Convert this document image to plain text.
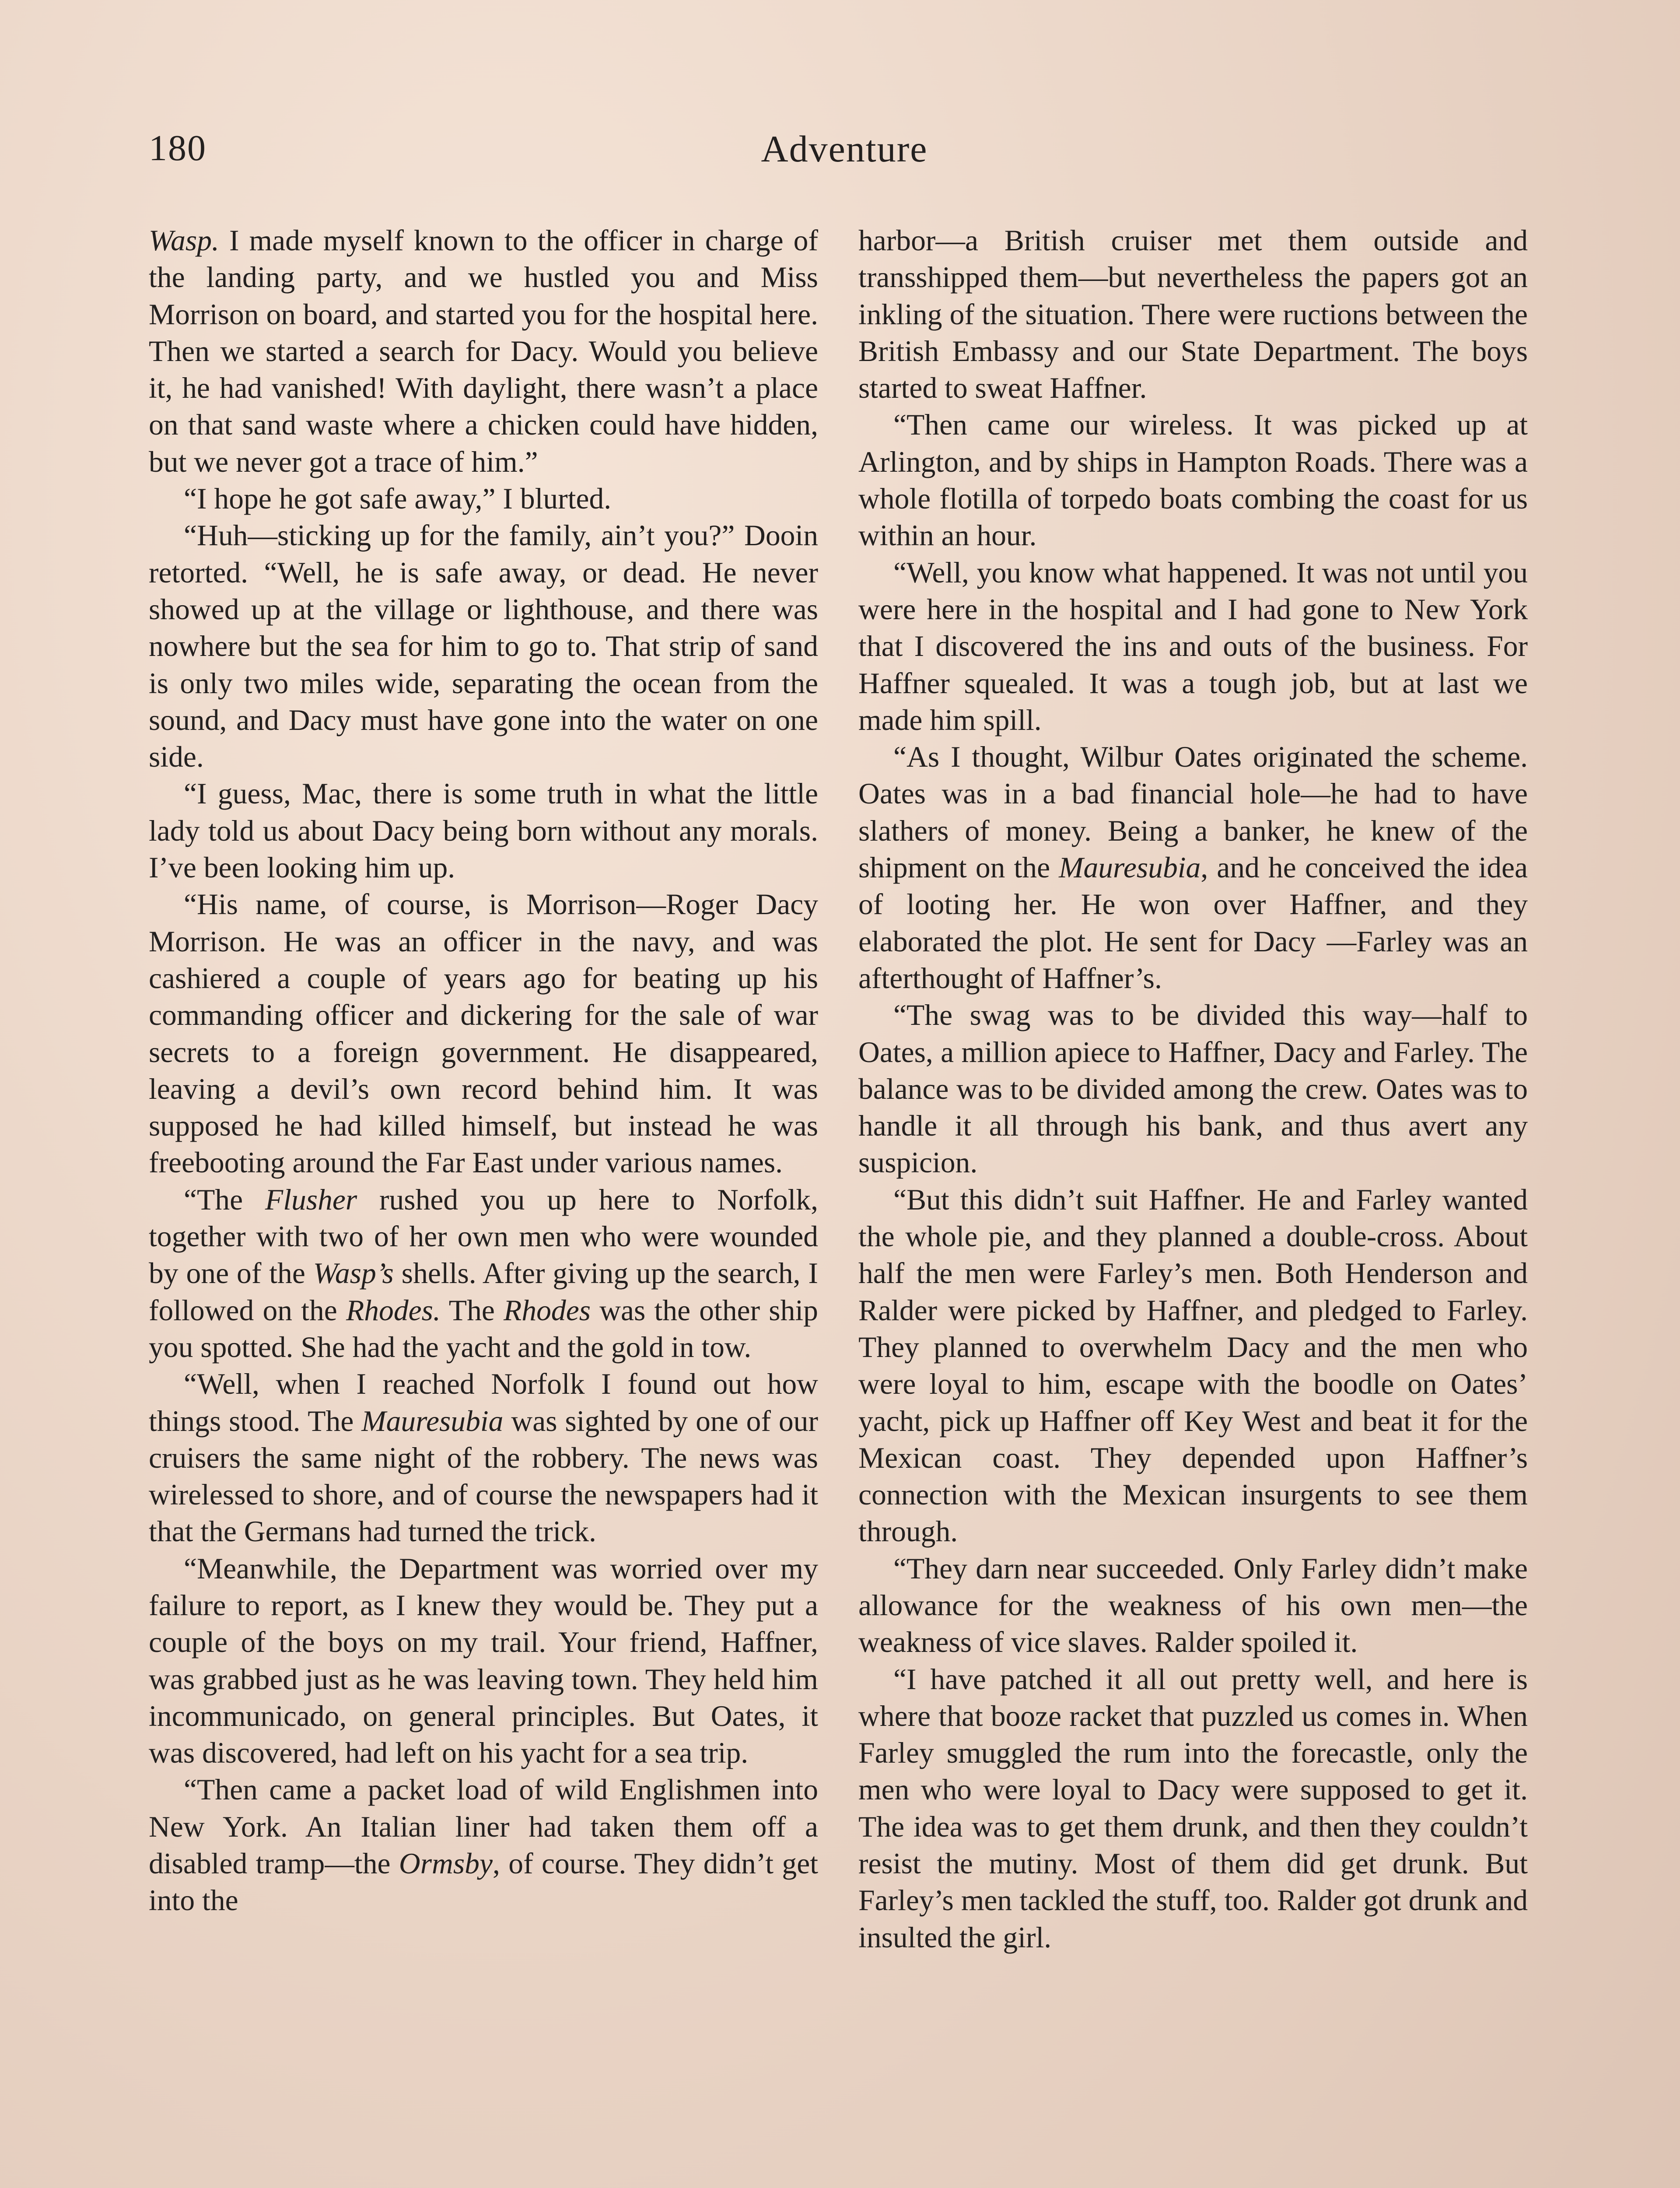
180	Adventure

Wasp. I made myself known to the officer in charge of the landing party, and we hustled you and Miss Morrison on board, and started you for the hospital here. Then we started a search for Dacy. Would you believe it, he had vanished! With daylight, there wasn’t a place on that sand waste where a chicken could have hidden, but we never got a trace of him.”

“I hope he got safe away,” I blurted.

“Huh—sticking up for the family, ain’t you?” Dooin retorted. “Well, he is safe away, or dead. He never showed up at the village or lighthouse, and there was nowhere but the sea for him to go to. That strip of sand is only two miles wide, separating the ocean from the sound, and Dacy must have gone into the water on one side.

“I guess, Mac, there is some truth in what the little lady told us about Dacy being born without any morals. I’ve been looking him up.

“His name, of course, is Morrison—Roger Dacy Morrison. He was an officer in the navy, and was cashiered a couple of years ago for beating up his commanding officer and dickering for the sale of war secrets to a foreign government. He disappeared, leaving a devil’s own record behind him. It was supposed he had killed himself, but instead he was freebooting around the Far East under various names.

“The Flusher rushed you up here to Norfolk, together with two of her own men who were wounded by one of the Wasp’s shells. After giving up the search, I followed on the Rhodes. The Rhodes was the other ship you spotted. She had the yacht and the gold in tow.

“Well, when I reached Norfolk I found out how things stood. The Mauresubia was sighted by one of our cruisers the same night of the robbery. The news was wirelessed to shore, and of course the newspapers had it that the Germans had turned the trick.

“Meanwhile, the Department was worried over my failure to report, as I knew they would be. They put a couple of the boys on my trail. Your friend, Haffner, was grabbed just as he was leaving town. They held him incommunicado, on general principles. But Oates, it was discovered, had left on his yacht for a sea trip.

“Then came a packet load of wild Englishmen into New York. An Italian liner had taken them off a disabled tramp—the Ormsby, of course. They didn’t get into the

harbor—a British cruiser met them outside and transshipped them—but nevertheless the papers got an inkling of the situation. There were ructions between the British Embassy and our State Department. The boys started to sweat Haffner.

“Then came our wireless. It was picked up at Arlington, and by ships in Hampton Roads. There was a whole flotilla of torpedo boats combing the coast for us within an hour.

“Well, you know what happened. It was not until you were here in the hospital and I had gone to New York that I discovered the ins and outs of the business. For Haffner squealed. It was a tough job, but at last we made him spill.

“As I thought, Wilbur Oates originated the scheme. Oates was in a bad financial hole—he had to have slathers of money. Being a banker, he knew of the shipment on the Mauresubia, and he conceived the idea of looting her. He won over Haffner, and they elaborated the plot. He sent for Dacy —Farley was an afterthought of Haffner’s.

“The swag was to be divided this way—half to Oates, a million apiece to Haffner, Dacy and Farley. The balance was to be divided among the crew. Oates was to handle it all through his bank, and thus avert any suspicion.

“But this didn’t suit Haffner. He and Farley wanted the whole pie, and they planned a double-cross. About half the men were Farley’s men. Both Henderson and Ralder were picked by Haffner, and pledged to Farley. They planned to overwhelm Dacy and the men who were loyal to him, escape with the boodle on Oates’ yacht, pick up Haffner off Key West and beat it for the Mexican coast. They depended upon Haffner’s connection with the Mexican insurgents to see them through.

“They darn near succeeded. Only Farley didn’t make allowance for the weakness of his own men—the weakness of vice slaves. Ralder spoiled it.

“I have patched it all out pretty well, and here is where that booze racket that puzzled us comes in. When Farley smuggled the rum into the forecastle, only the men who were loyal to Dacy were supposed to get it. The idea was to get them drunk, and then they couldn’t resist the mutiny. Most of them did get drunk. But Farley’s men tackled the stuff, too. Ralder got drunk and insulted the girl.
